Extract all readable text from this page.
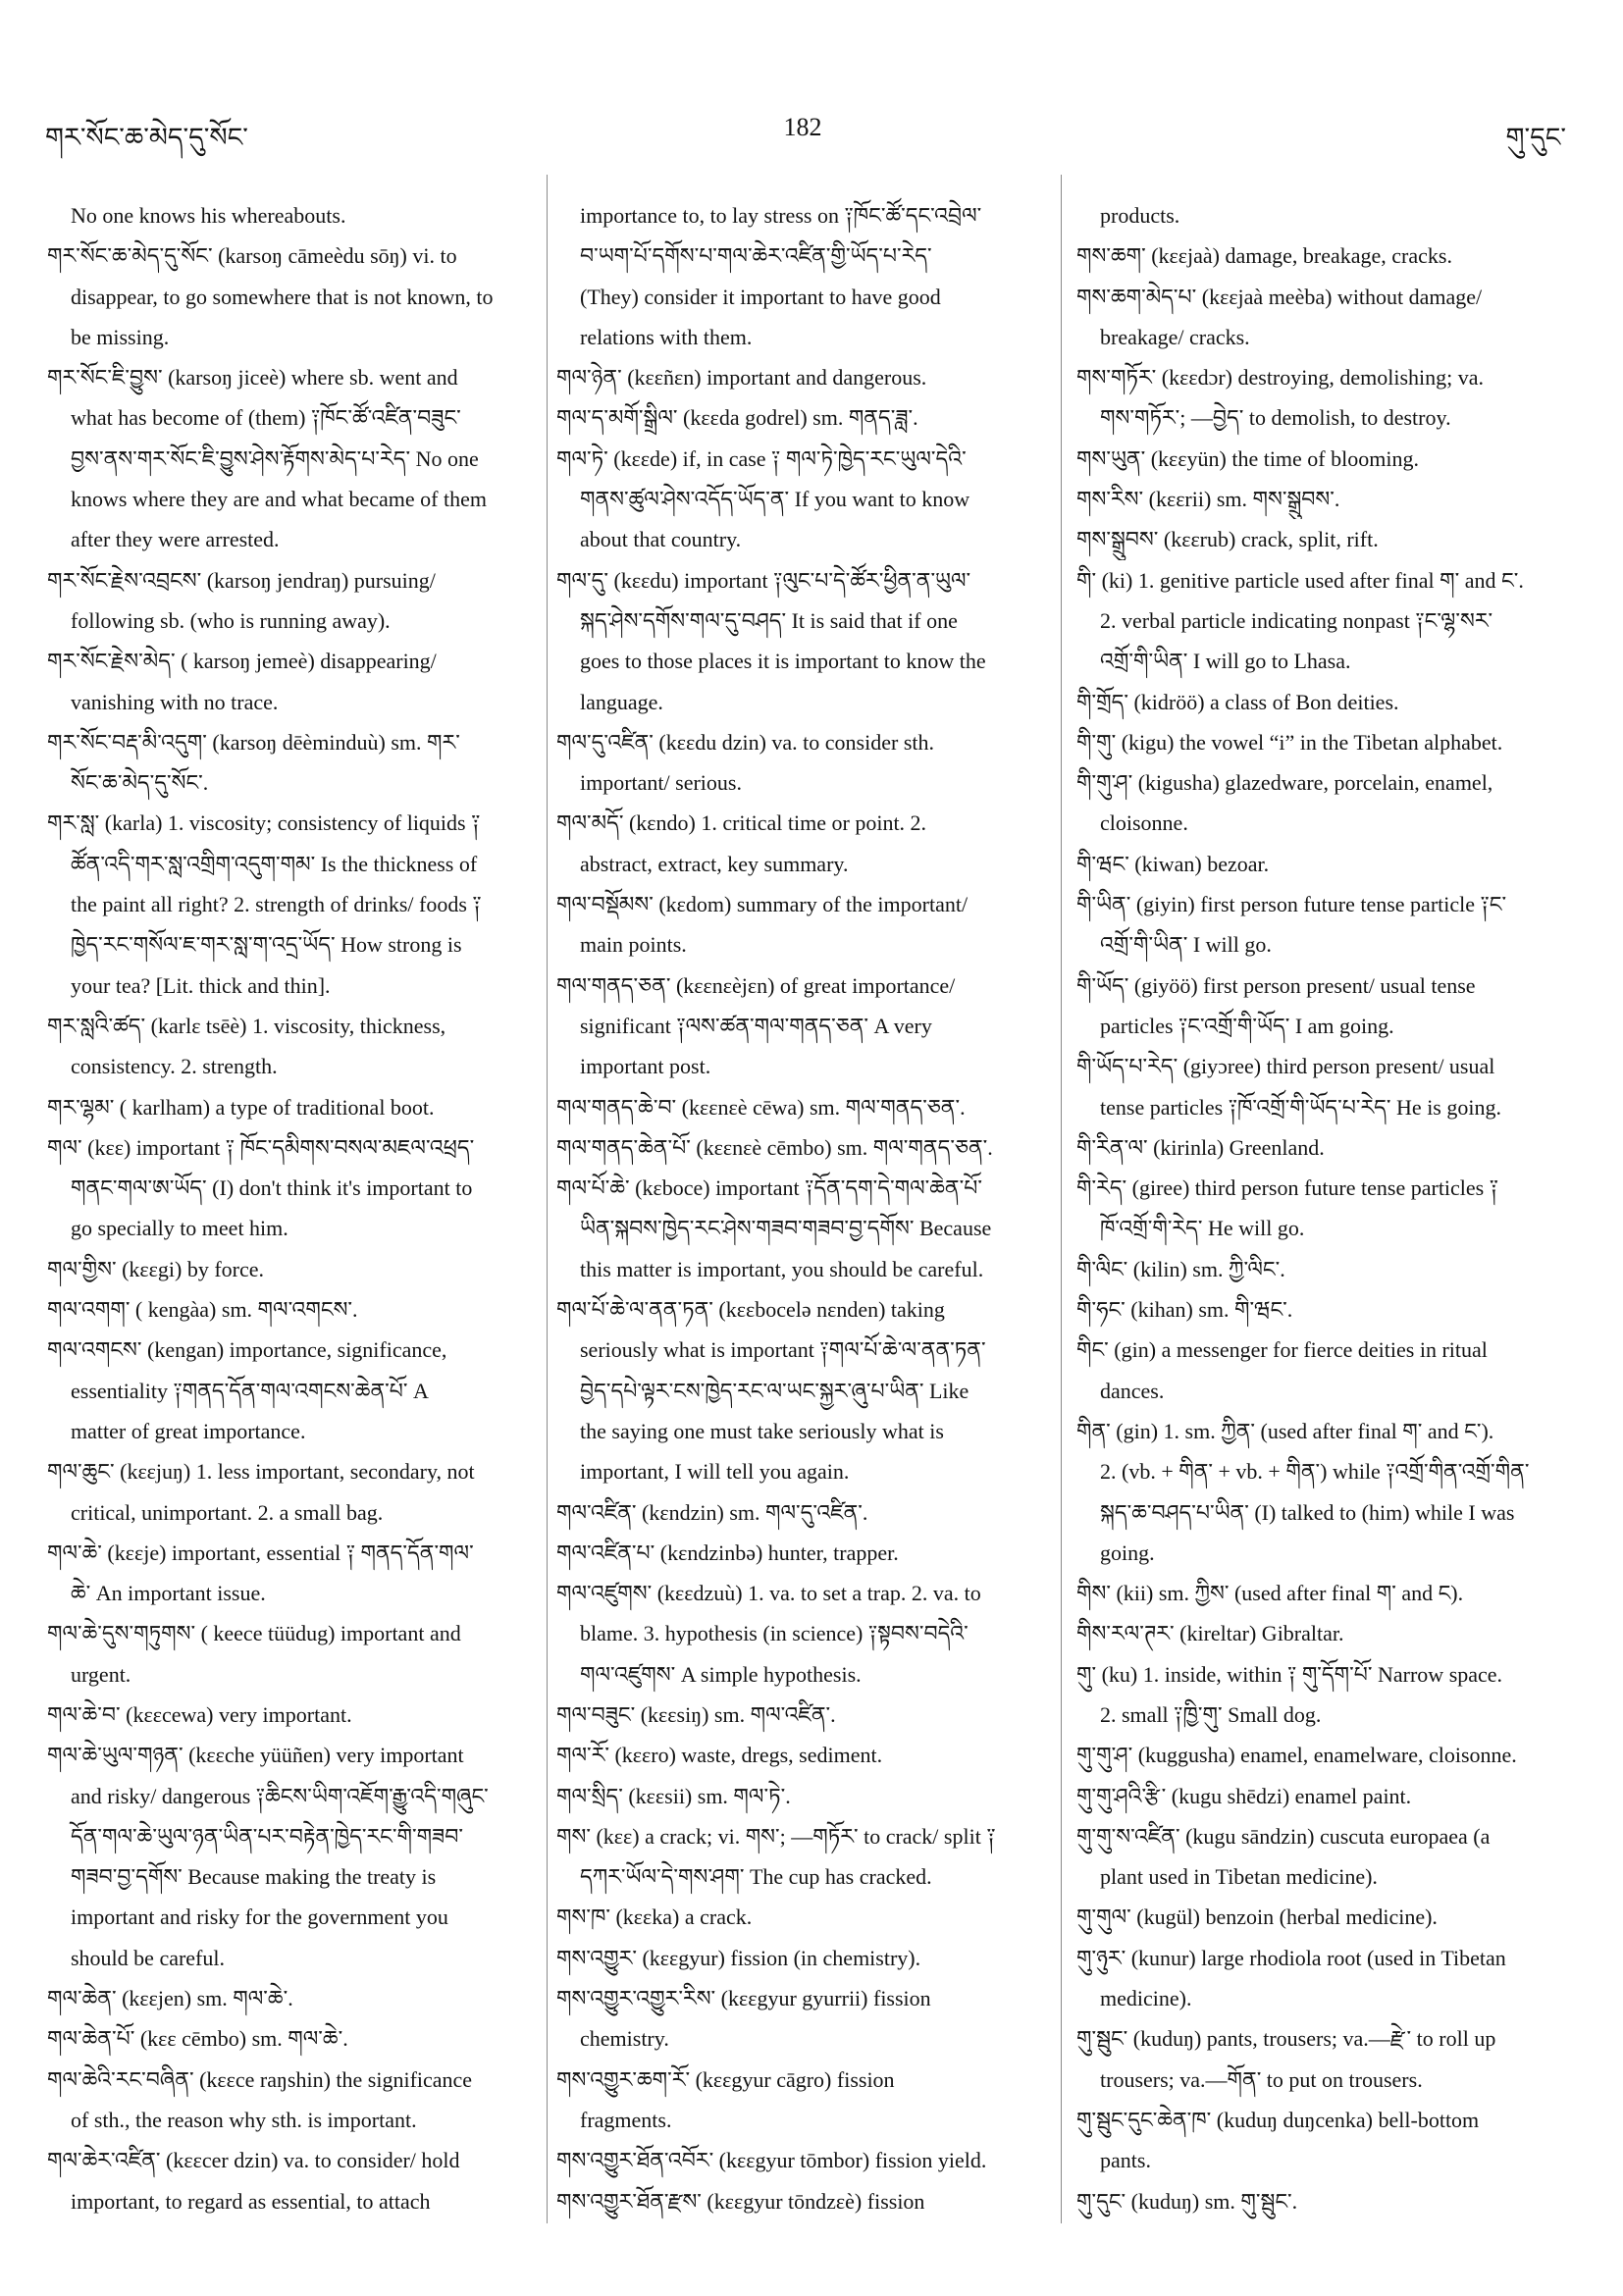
གར་སོང་ཆ་མེད་དུ་སོང་	182	གུ་དུང་
No one knows his whereabouts.
གར་སོང་ཆ་མེད་དུ་སོང་ (karsoŋ cāmeèdu sōŋ) vi. to
disappear, to go somewhere that is not known, to
be missing.
གར་སོང་ཇི་བྱུས་ (karsoŋ jiceè) where sb. went and
what has become of (them) ༑ཁོང་ཚོ་འཛིན་བཟུང་
བྱས་ནས་གར་སོང་ཇི་བྱུས་ཤེས་རྟོགས་མེད་པ་རེད་ No one
knows where they are and what became of them
after they were arrested.
གར་སོང་རྗེས་འབྲངས་ (karsoŋ jendraŋ) pursuing/
following sb. (who is running away).
གར་སོང་རྗེས་མེད་ ( karsoŋ jemeè) disappearing/
vanishing with no trace.
གར་སོང་བརྡ་མི་འདུག་ (karsoŋ dēèminduù) sm. གར་
སོང་ཆ་མེད་དུ་སོང་.
གར་སླ་ (karla) 1. viscosity; consistency of liquids ༑
ཚོན་འདི་གར་སླ་འགྲིག་འདུག་གམ་ Is the thickness of
the paint all right? 2. strength of drinks/ foods ༑
ཁྱེད་རང་གསོལ་ཇ་གར་སླ་ག་འདྲ་ཡོད་ How strong is
your tea? [Lit. thick and thin].
གར་སླའི་ཚད་ (karlɛ tsēè) 1. viscosity, thickness,
consistency. 2. strength.
གར་ལྷམ་ ( karlham) a type of traditional boot.
གལ་ (kɛɛ) important ༑ ཁོང་དམིགས་བསལ་མཇལ་འཕྲད་
གནང་གལ་ཨ་ཡོད་ (I) don't think it's important to
go specially to meet him.
གལ་གྱིས་ (kɛɛgi) by force.
གལ་འགག་ ( kengàa) sm. གལ་འགངས་.
གལ་འགངས་ (kengan) importance, significance,
essentiality ༑གནད་དོན་གལ་འགངས་ཆེན་པོ་ A
matter of great importance.
གལ་ཆུང་ (kɛɛjuŋ) 1. less important, secondary, not
critical, unimportant. 2. a small bag.
གལ་ཆེ་ (kɛɛje) important, essential ༑ གནད་དོན་གལ་
ཆེ་ An important issue.
གལ་ཆེ་དུས་གཏུགས་ ( keece tüüdug) important and
urgent.
གལ་ཆེ་བ་ (kɛɛcewa) very important.
གལ་ཆེ་ཡུལ་གཉན་ (kɛɛche yüüñen) very important
and risky/ dangerous ༑ཆིངས་ཡིག་འཇོག་རྒྱུ་འདི་གཞུང་
དོན་གལ་ཆེ་ཡུལ་ཉན་ཡིན་པར་བརྟེན་ཁྱེད་རང་གི་གཟབ་
གཟབ་བྱ་དགོས་ Because making the treaty is
important and risky for the government you
should be careful.
གལ་ཆེན་ (kɛɛjen) sm. གལ་ཆེ་.
གལ་ཆེན་པོ་ (kɛɛ cēmbo) sm. གལ་ཆེ་.
གལ་ཆེའི་རང་བཞིན་ (kɛɛce raŋshin) the significance
of sth., the reason why sth. is important.
གལ་ཆེར་འཛིན་ (kɛɛcer dzin) va. to consider/ hold
important, to regard as essential, to attach
importance to, to lay stress on ༑ཁོང་ཚོ་དང་འབྲེལ་
བ་ཡག་པོ་དགོས་པ་གལ་ཆེར་འཛིན་གྱི་ཡོད་པ་རེད་
(They) consider it important to have good
relations with them.
གལ་ཉེན་ (kɛɛñɛn) important and dangerous.
གལ་ད་མགོ་སྒྲིལ་ (kɛɛda godrel) sm. གནད་ཟླ་.
གལ་ཏེ་ (kɛɛde) if, in case ༑ གལ་ཏེ་ཁྱེད་རང་ཡུལ་དེའི་
གནས་ཚུལ་ཤེས་འདོད་ཡོད་ན་ If you want to know
about that country.
གལ་དུ་ (kɛɛdu) important ༑ལུང་པ་དེ་ཚོར་ཕྱིན་ན་ཡུལ་
སྐད་ཤེས་དགོས་གལ་དུ་བཤད་ It is said that if one
goes to those places it is important to know the
language.
གལ་དུ་འཛིན་ (kɛɛdu dzin) va. to consider sth.
important/ serious.
གལ་མདོ་ (kɛndo) 1. critical time or point. 2.
abstract, extract, key summary.
གལ་བསྡོམས་ (kɛdom) summary of the important/
main points.
གལ་གནད་ཅན་ (kɛɛnɛèjɛn) of great importance/
significant ༑ལས་ཚན་གལ་གནད་ཅན་ A very
important post.
གལ་གནད་ཆེ་བ་ (kɛɛnɛè cēwa) sm. གལ་གནད་ཅན་.
གལ་གནད་ཆེན་པོ་ (kɛɛnɛè cēmbo) sm. གལ་གནད་ཅན་.
གལ་པོ་ཆེ་ (kɛboce) important ༑དོན་དག་དེ་གལ་ཆེན་པོ་
ཡིན་སྐབས་ཁྱེད་རང་ཤེས་གཟབ་གཟབ་བྱ་དགོས་ Because
this matter is important, you should be careful.
གལ་པོ་ཆེ་ལ་ནན་ཏན་ (kɛɛbocelə nɛnden) taking
seriously what is important ༑གལ་པོ་ཆེ་ལ་ནན་ཏན་
བྱེད་དཔེ་ལྟར་ངས་ཁྱེད་རང་ལ་ཡང་སྐྱར་ཞུ་པ་ཡིན་ Like
the saying one must take seriously what is
important, I will tell you again.
གལ་འཛིན་ (kɛndzin) sm. གལ་དུ་འཛིན་.
གལ་འཛིན་པ་ (kɛndzinbə) hunter, trapper.
གལ་འཛུགས་ (kɛɛdzuù) 1. va. to set a trap. 2. va. to
blame. 3. hypothesis (in science) ༑སྟབས་བདེའི་
གལ་འཛུགས་ A simple hypothesis.
གལ་བཟུང་ (kɛɛsiŋ) sm. གལ་འཛིན་.
གལ་རོ་ (kɛɛro) waste, dregs, sediment.
གལ་སྲིད་ (kɛɛsii) sm. གལ་ཏེ་.
གས་ (kɛɛ) a crack; vi. གས་; —གཏོར་ to crack/ split ༑
དཀར་ཡོལ་དེ་གས་ཤག་ The cup has cracked.
གས་ཁ་ (kɛɛka) a crack.
གས་འགྱུར་ (kɛɛgyur) fission (in chemistry).
གས་འགྱུར་འགྱུར་རིས་ (kɛɛgyur gyurrii) fission
chemistry.
གས་འགྱུར་ཆག་རོ་ (kɛɛgyur cāgro) fission
fragments.
གས་འགྱུར་ཐོན་འབོར་ (kɛɛgyur tōmbor) fission yield.
གས་འགྱུར་ཐོན་རྫས་ (kɛɛgyur tōndzɛè) fission
products.
གས་ཆག་ (kɛɛjaà) damage, breakage, cracks.
གས་ཆག་མེད་པ་ (kɛɛjaà meèba) without damage/
breakage/ cracks.
གས་གཏོར་ (kɛɛdɔr) destroying, demolishing; va.
གས་གཏོར་; —བྱེད་ to demolish, to destroy.
གས་ཡུན་ (kɛɛyün) the time of blooming.
གས་རིས་ (kɛɛrii) sm. གས་སྒྲུབས་.
གས་སྒྲུབས་ (kɛɛrub) crack, split, rift.
གི་ (ki) 1. genitive particle used after final ག་ and ང་.
2. verbal particle indicating nonpast ༑ང་ལྷ་སར་
འགྲོ་གི་ཡིན་ I will go to Lhasa.
གི་གྲོད་ (kidröö) a class of Bon deities.
གི་གུ་ (kigu) the vowel “i” in the Tibetan alphabet.
གི་གུ་ཤ་ (kigusha) glazedware, porcelain, enamel,
cloisonne.
གི་ཝང་ (kiwan) bezoar.
གི་ཡིན་ (giyin) first person future tense particle ༑ང་
འགྲོ་གི་ཡིན་ I will go.
གི་ཡོད་ (giyöö) first person present/ usual tense
particles ༑ང་འགྲོ་གི་ཡོད་ I am going.
གི་ཡོད་པ་རེད་ (giyɔree) third person present/ usual
tense particles ༑ཁོ་འགྲོ་གི་ཡོད་པ་རེད་ He is going.
གི་རིན་ལ་ (kirinla) Greenland.
གི་རེད་ (giree) third person future tense particles ༑
ཁོ་འགྲོ་གི་རེད་ He will go.
གི་ལིང་ (kilin) sm. ཀྱི་ལིང་.
གི་ཧང་ (kihan) sm. གི་ཝང་.
གིང་ (gin) a messenger for fierce deities in ritual
dances.
གིན་ (gin) 1. sm. ཀྱིན་ (used after final ག་ and ང་).
2. (vb. + གིན་ + vb. + གིན་) while ༑འགྲོ་གིན་འགྲོ་གིན་
སྐད་ཆ་བཤད་པ་ཡིན་ (I) talked to (him) while I was
going.
གིས་ (kii) sm. ཀྱིས་ (used after final ག་ and ང).
གིས་རལ་ཊར་ (kireltar) Gibraltar.
གུ་ (ku) 1. inside, within ༑ གུ་དོག་པོ་ Narrow space.
2. small ༑ཁྱི་གུ་ Small dog.
གུ་གུ་ཤ་ (kuggusha) enamel, enamelware, cloisonne.
གུ་གུ་ཤའི་རྩི་ (kugu shēdzi) enamel paint.
གུ་གུ་ས་འཛིན་ (kugu sāndzin) cuscuta europaea (a
plant used in Tibetan medicine).
གུ་གུལ་ (kugül) benzoin (herbal medicine).
གུ་ཉུར་ (kunur) large rhodiola root (used in Tibetan
medicine).
གུ་སྦུང་ (kuduŋ) pants, trousers; va.—རྫེ་ to roll up
trousers; va.—གོན་ to put on trousers.
གུ་སྦུང་དུང་ཆེན་ཁ་ (kuduŋ duŋcenka) bell-bottom
pants.
གུ་དུང་ (kuduŋ) sm. གུ་སྦུང་.
